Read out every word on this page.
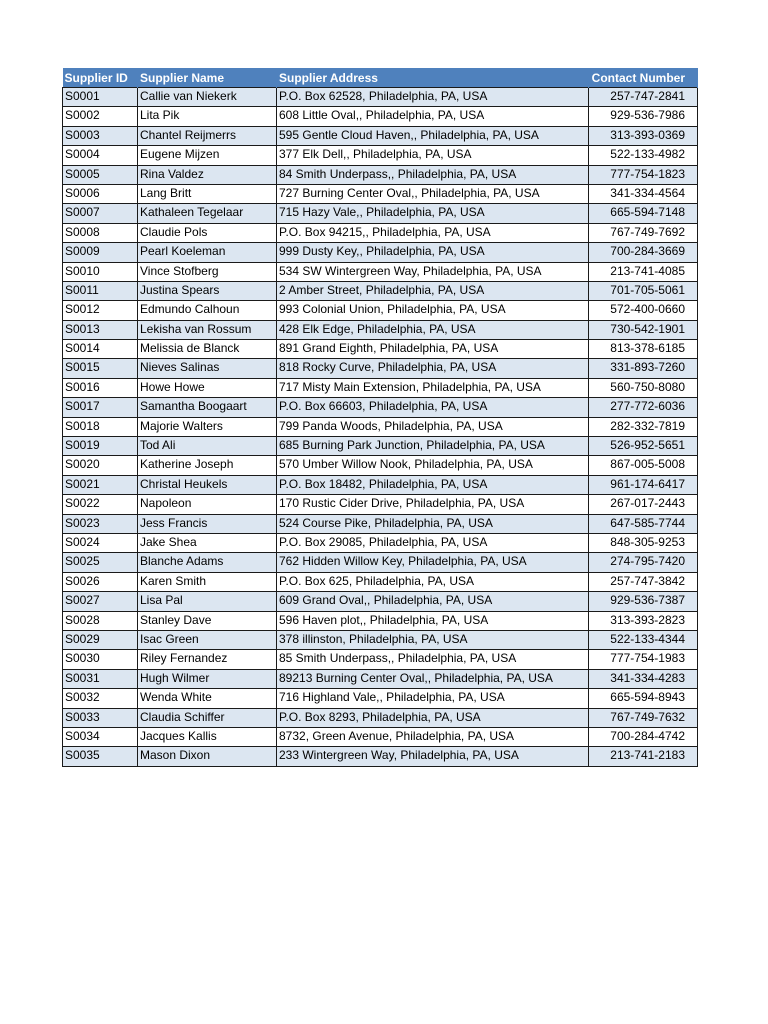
Supplier ID	Supplier Name	Supplier Address	Contact Number
S0001	Callie van Niekerk	P.O. Box 62528, Philadelphia, PA, USA	257-747-2841
S0002	Lita Pik	608 Little Oval,, Philadelphia, PA, USA	929-536-7986
S0003	Chantel Reijmerrs	595 Gentle Cloud Haven,, Philadelphia, PA, USA	313-393-0369
S0004	Eugene Mijzen	377 Elk Dell,, Philadelphia, PA, USA	522-133-4982
S0005	Rina Valdez	84 Smith Underpass,, Philadelphia, PA, USA	777-754-1823
S0006	Lang Britt	727 Burning Center Oval,, Philadelphia, PA, USA	341-334-4564
S0007	Kathaleen Tegelaar	715 Hazy Vale,, Philadelphia, PA, USA	665-594-7148
S0008	Claudie Pols	P.O. Box 94215,, Philadelphia, PA, USA	767-749-7692
S0009	Pearl Koeleman	999 Dusty Key,, Philadelphia, PA, USA	700-284-3669
S0010	Vince Stofberg	534 SW Wintergreen Way, Philadelphia, PA, USA	213-741-4085
S0011	Justina Spears	2 Amber Street, Philadelphia, PA, USA	701-705-5061
S0012	Edmundo Calhoun	993 Colonial Union, Philadelphia, PA, USA	572-400-0660
S0013	Lekisha van Rossum	428 Elk Edge, Philadelphia, PA, USA	730-542-1901
S0014	Melissia de Blanck	891 Grand Eighth, Philadelphia, PA, USA	813-378-6185
S0015	Nieves Salinas	818 Rocky Curve, Philadelphia, PA, USA	331-893-7260
S0016	Howe Howe	717 Misty Main Extension, Philadelphia, PA, USA	560-750-8080
S0017	Samantha Boogaart	P.O. Box 66603, Philadelphia, PA, USA	277-772-6036
S0018	Majorie Walters	799 Panda Woods, Philadelphia, PA, USA	282-332-7819
S0019	Tod Ali	685 Burning Park Junction, Philadelphia, PA, USA	526-952-5651
S0020	Katherine Joseph	570 Umber Willow Nook, Philadelphia, PA, USA	867-005-5008
S0021	Christal Heukels	P.O. Box 18482, Philadelphia, PA, USA	961-174-6417
S0022	Napoleon	170 Rustic Cider Drive, Philadelphia, PA, USA	267-017-2443
S0023	Jess Francis	524 Course Pike, Philadelphia, PA, USA	647-585-7744
S0024	Jake Shea	P.O. Box 29085, Philadelphia, PA, USA	848-305-9253
S0025	Blanche Adams	762 Hidden Willow Key, Philadelphia, PA, USA	274-795-7420
S0026	Karen Smith	P.O. Box 625, Philadelphia, PA, USA	257-747-3842
S0027	Lisa Pal	609 Grand Oval,, Philadelphia, PA, USA	929-536-7387
S0028	Stanley Dave	596 Haven plot,, Philadelphia, PA, USA	313-393-2823
S0029	Isac Green	378 illinston, Philadelphia, PA, USA	522-133-4344
S0030	Riley Fernandez	85 Smith Underpass,, Philadelphia, PA, USA	777-754-1983
S0031	Hugh Wilmer	89213 Burning Center Oval,, Philadelphia, PA, USA	341-334-4283
S0032	Wenda White	716 Highland Vale,, Philadelphia, PA, USA	665-594-8943
S0033	Claudia Schiffer	P.O. Box 8293, Philadelphia, PA, USA	767-749-7632
S0034	Jacques Kallis	8732, Green Avenue, Philadelphia, PA, USA	700-284-4742
S0035	Mason Dixon	233 Wintergreen Way, Philadelphia, PA, USA	213-741-2183
